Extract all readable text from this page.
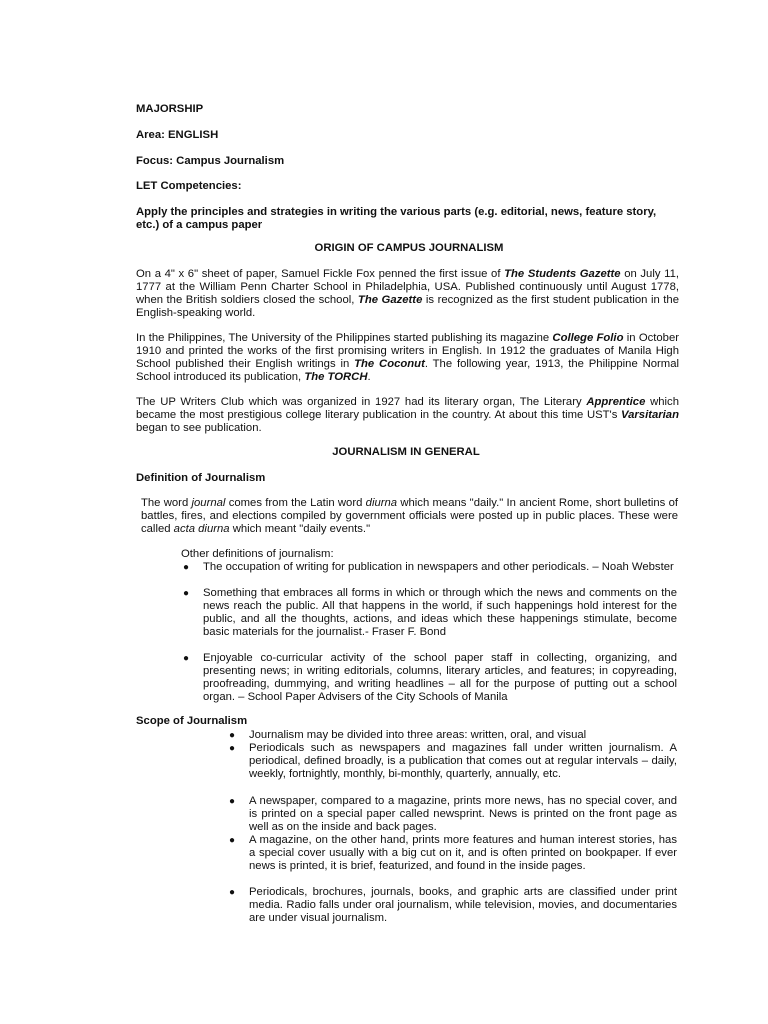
MAJORSHIP

Area: ENGLISH

Focus: Campus Journalism

LET Competencies:

Apply the principles and strategies in writing the various parts (e.g. editorial, news, feature story, etc.) of a campus paper

ORIGIN OF CAMPUS JOURNALISM

On a 4" x 6" sheet of paper, Samuel Fickle Fox penned the first issue of The Students Gazette on July 11, 1777 at the William Penn Charter School in Philadelphia, USA. Published continuously until August 1778, when the British soldiers closed the school, The Gazette is recognized as the first student publication in the English-speaking world.

In the Philippines, The University of the Philippines started publishing its magazine College Folio in October 1910 and printed the works of the first promising writers in English. In 1912 the graduates of Manila High School published their English writings in The Coconut. The following year, 1913, the Philippine Normal School introduced its publication, The TORCH.

The UP Writers Club which was organized in 1927 had its literary organ, The Literary Apprentice which became the most prestigious college literary publication in the country. At about this time UST's Varsitarian began to see publication.

JOURNALISM IN GENERAL

Definition of Journalism

The word journal comes from the Latin word diurna which means "daily." In ancient Rome, short bulletins of battles, fires, and elections compiled by government officials were posted up in public places. These were called acta diurna which meant "daily events."

Other definitions of journalism:

● The occupation of writing for publication in newspapers and other periodicals. – Noah Webster
● Something that embraces all forms in which or through which the news and comments on the news reach the public. All that happens in the world, if such happenings hold interest for the public, and all the thoughts, actions, and ideas which these happenings stimulate, become basic materials for the journalist.- Fraser F. Bond
● Enjoyable co-curricular activity of the school paper staff in collecting, organizing, and presenting news; in writing editorials, columns, literary articles, and features; in copyreading, proofreading, dummying, and writing headlines – all for the purpose of putting out a school organ. – School Paper Advisers of the City Schools of Manila

Scope of Journalism

● Journalism may be divided into three areas: written, oral, and visual
● Periodicals such as newspapers and magazines fall under written journalism. A periodical, defined broadly, is a publication that comes out at regular intervals – daily, weekly, fortnightly, monthly, bi-monthly, quarterly, annually, etc.
● A newspaper, compared to a magazine, prints more news, has no special cover, and is printed on a special paper called newsprint. News is printed on the front page as well as on the inside and back pages.
● A magazine, on the other hand, prints more features and human interest stories, has a special cover usually with a big cut on it, and is often printed on bookpaper. If ever news is printed, it is brief, featurized, and found in the inside pages.
● Periodicals, brochures, journals, books, and graphic arts are classified under print media. Radio falls under oral journalism, while television, movies, and documentaries are under visual journalism.
